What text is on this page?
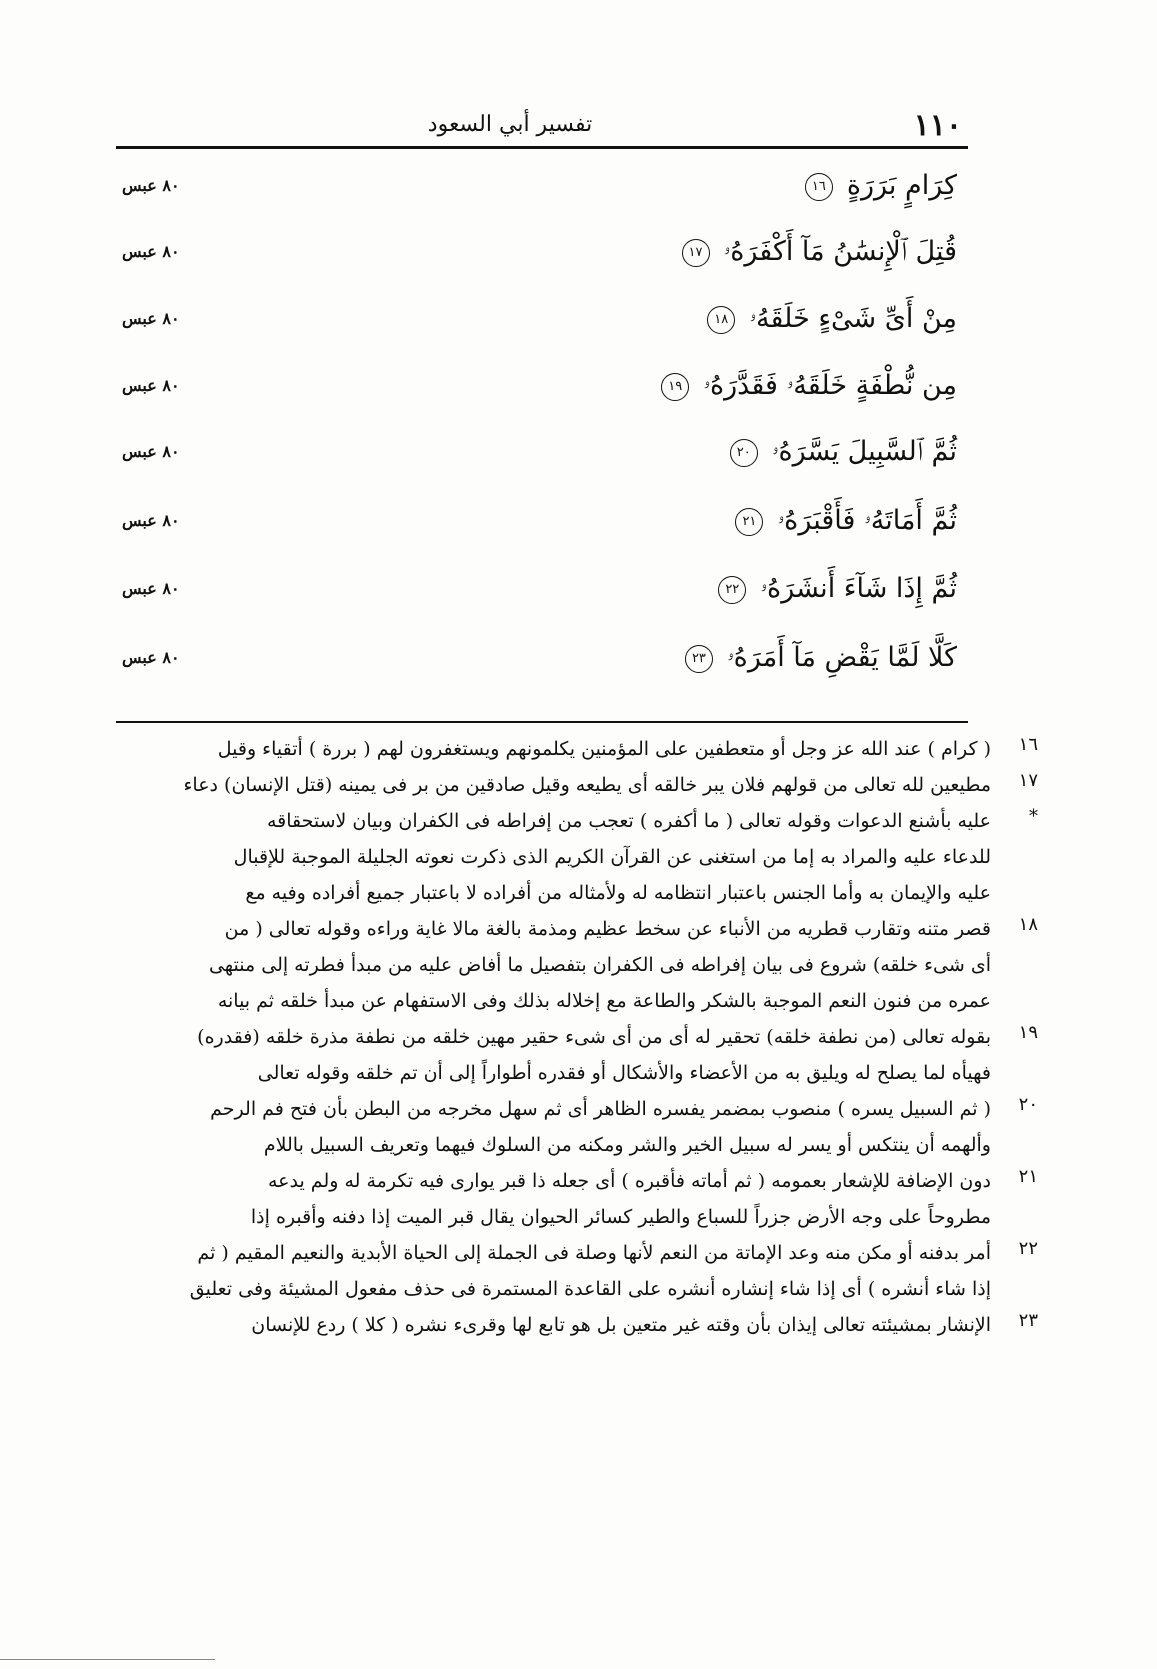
١١٠
تفسير أبي السعود
كِرَامٍ بَرَرَةٍ١٦
٨٠ عبس
قُتِلَ ٱلْإِنسَٰنُ مَآ أَكْفَرَهُۥ١٧
٨٠ عبس
مِنْ أَىِّ شَىْءٍ خَلَقَهُۥ١٨
٨٠ عبس
مِن نُّطْفَةٍ خَلَقَهُۥ فَقَدَّرَهُۥ١٩
٨٠ عبس
ثُمَّ ٱلسَّبِيلَ يَسَّرَهُۥ٢٠
٨٠ عبس
ثُمَّ أَمَاتَهُۥ فَأَقْبَرَهُۥ٢١
٨٠ عبس
ثُمَّ إِذَا شَآءَ أَنشَرَهُۥ٢٢
٨٠ عبس
كَلَّا لَمَّا يَقْضِ مَآ أَمَرَهُۥ٢٣
٨٠ عبس
١٦
( كرام ) عند الله عز وجل أو متعطفين على المؤمنين يكلمونهم ويستغفرون لهم ( بررة ) أتقياء وقيل
١٧
مطيعين لله تعالى من قولهم فلان يبر خالقه أى يطيعه وقيل صادقين من بر فى يمينه (قتل الإنسان) دعاء
*
عليه بأشنع الدعوات وقوله تعالى ( ما أكفره ) تعجب من إفراطه فى الكفران وبيان لاستحقاقه
للدعاء عليه والمراد به إما من استغنى عن القرآن الكريم الذى ذكرت نعوته الجليلة الموجبة للإقبال
عليه والإيمان به وأما الجنس باعتبار انتظامه له ولأمثاله من أفراده لا باعتبار جميع أفراده وفيه مع
١٨
قصر متنه وتقارب قطريه من الأنباء عن سخط عظيم ومذمة بالغة مالا غاية وراءه وقوله تعالى ( من
أى شىء خلقه) شروع فى بيان إفراطه فى الكفران بتفصيل ما أفاض عليه من مبدأ فطرته إلى منتهى
عمره من فنون النعم الموجبة بالشكر والطاعة مع إخلاله بذلك وفى الاستفهام عن مبدأ خلقه ثم بيانه
١٩
بقوله تعالى (من نطفة خلقه) تحقير له أى من أى شىء حقير مهين خلقه من نطفة مذرة خلقه (فقدره)
فهيأه لما يصلح له ويليق به من الأعضاء والأشكال أو فقدره أطواراً إلى أن تم خلقه وقوله تعالى
٢٠
( ثم السبيل يسره ) منصوب بمضمر يفسره الظاهر أى ثم سهل مخرجه من البطن بأن فتح فم الرحم
وألهمه أن ينتكس أو يسر له سبيل الخير والشر ومكنه من السلوك فيهما وتعريف السبيل باللام
٢١
دون الإضافة للإشعار بعمومه ( ثم أماته فأقبره ) أى جعله ذا قبر يوارى فيه تكرمة له ولم يدعه
مطروحاً على وجه الأرض جزراً للسباع والطير كسائر الحيوان يقال قبر الميت إذا دفنه وأقبره إذا
٢٢
أمر بدفنه أو مكن منه وعد الإماتة من النعم لأنها وصلة فى الجملة إلى الحياة الأبدية والنعيم المقيم ( ثم
إذا شاء أنشره ) أى إذا شاء إنشاره أنشره على القاعدة المستمرة فى حذف مفعول المشيئة وفى تعليق
٢٣
الإنشار بمشيئته تعالى إيذان بأن وقته غير متعين بل هو تابع لها وقرىء نشره ( كلا ) ردع للإنسان
